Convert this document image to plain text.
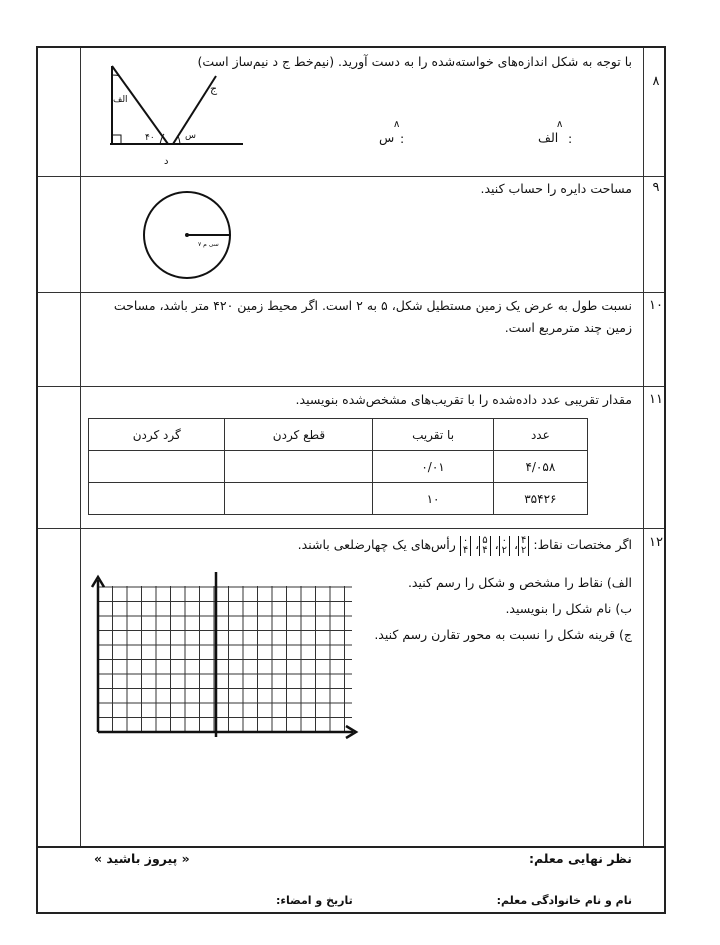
۸
با توجه به شکل اندازه‌های خواسته‌شده را به دست آورید. (نیم‌خط ج د نیم‌ساز است)
:
الف
∧
:
س
∧
ج
الف
۴۰	س
د
۹
مساحت دایره را حساب کنید.
۷ سی ‌م
۱۰
نسبت طول به عرض یک زمین مستطیل شکل، ۵ به ۲ است. اگر محیط زمین ۴۲۰ متر باشد، مساحت زمین چند مترمربع است.
۱۱
مقدار تقریبی عدد داده‌شده را با تقریب‌های مشخص‌شده بنویسید.
عدد	با تقریب	قطع کردن	گرد کردن
۴/۰۵۸	۰/۰۱		
۳۵۴۲۶	۱۰		
۱۲
اگر مختصات نقاط: ۴
۲، ۰
۲، ۵
۴، ۰
۴ رأس‌های یک چهارضلعی باشند.
الف) نقاط را مشخص و شکل را رسم کنید.
ب) نام شکل را بنویسید.
ج) قرینه شکل را نسبت به محور تقارن رسم کنید.
نظر نهایی معلم:
« پیروز باشید »
نام و نام خانوادگی معلم:
تاریخ و امضاء:
